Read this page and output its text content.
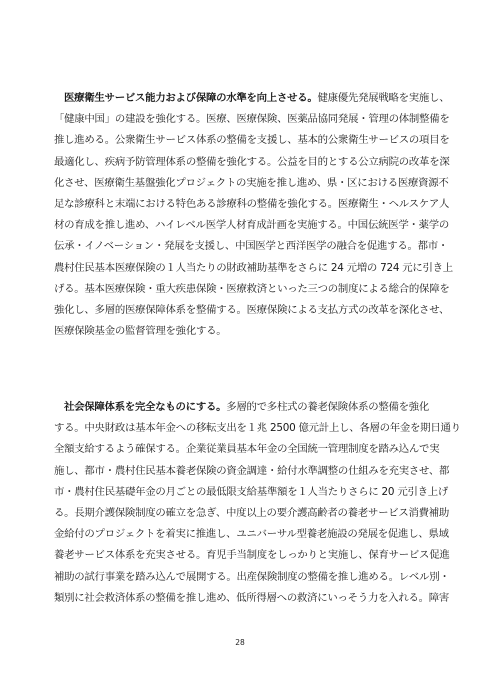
医療衛生サービス能力および保障の水準を向上させる。健康優先発展戦略を実施し、
「健康中国」の建設を強化する。医療、医療保険、医薬品協同発展・管理の体制整備を
推し進める。公衆衛生サービス体系の整備を支援し、基本的公衆衛生サービスの項目を
最適化し、疾病予防管理体系の整備を強化する。公益を目的とする公立病院の改革を深
化させ、医療衛生基盤強化プロジェクトの実施を推し進め、県・区における医療資源不
足な診療科と末端における特色ある診療科の整備を強化する。医療衛生・ヘルスケア人
材の育成を推し進め、ハイレベル医学人材育成計画を実施する。中国伝統医学・薬学の
伝承・イノベーション・発展を支援し、中国医学と西洋医学の融合を促進する。都市・
農村住民基本医療保険の１人当たりの財政補助基準をさらに 24 元増の 724 元に引き上
げる。基本医療保険・重大疾患保険・医療救済といった三つの制度による総合的保障を
強化し、多層的医療保障体系を整備する。医療保険による支払方式の改革を深化させ、
医療保険基金の監督管理を強化する。
社会保障体系を完全なものにする。多層的で多柱式の養老保険体系の整備を強化
する。中央財政は基本年金への移転支出を１兆 2500 億元計上し、各層の年金を期日通り
全額支給するよう確保する。企業従業員基本年金の全国統一管理制度を踏み込んで実
施し、都市・農村住民基本養老保険の資金調達・給付水準調整の仕組みを充実させ、都
市・農村住民基礎年金の月ごとの最低限支給基準額を１人当たりさらに 20 元引き上げ
る。長期介護保険制度の確立を急ぎ、中度以上の要介護高齢者の養老サービス消費補助
金給付のプロジェクトを着実に推進し、ユニバーサル型養老施設の発展を促進し、県域
養老サービス体系を充実させる。育児手当制度をしっかりと実施し、保育サービス促進
補助の試行事業を踏み込んで展開する。出産保険制度の整備を推し進める。レベル別・
類別に社会救済体系の整備を推し進め、低所得層への救済にいっそう力を入れる。障害
28
